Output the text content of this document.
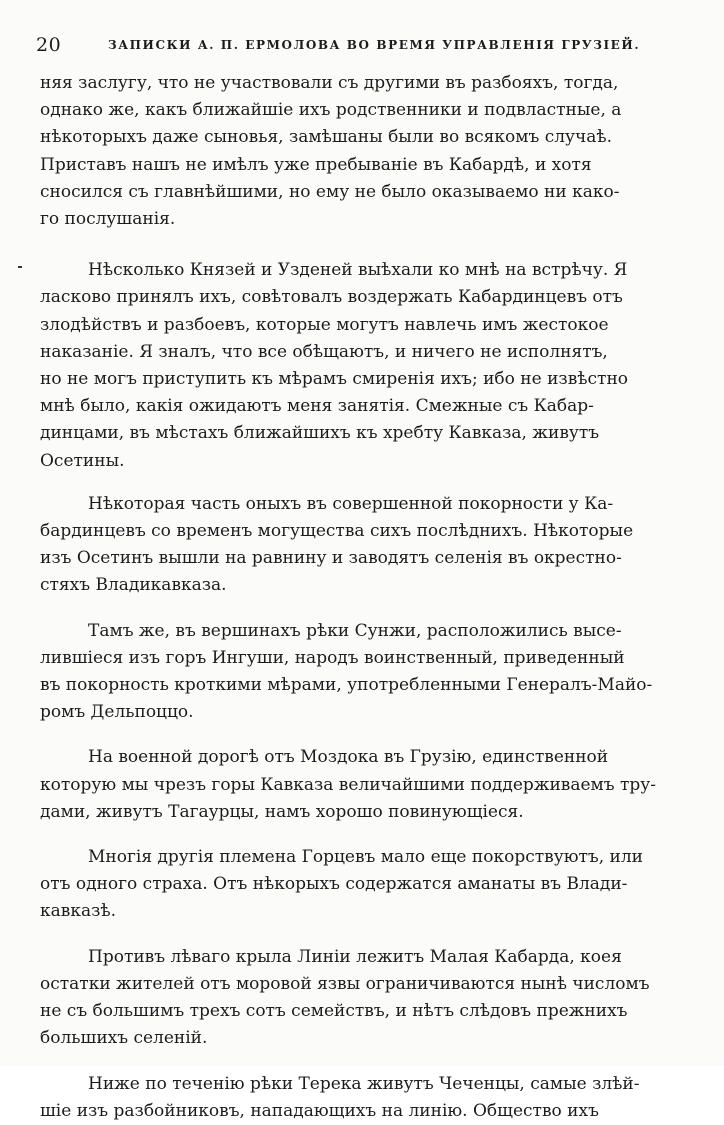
20	ЗАПИСКИ А. П. ЕРМОЛОВА ВО ВРЕМЯ УПРАВЛЕНІЯ ГРУЗІЕЙ.

няя заслугу, что не участвовали съ другими въ разбояхъ, тогда,
однако же, какъ ближайшіе ихъ родственники и подвластные, а
нѣкоторыхъ даже сыновья, замѣшаны были во всякомъ случаѣ.
Приставъ нашъ не имѣлъ уже пребываніе въ Кабардѣ, и хотя
сносился съ главнѣйшими, но ему не было оказываемо ни како-
го послушанія.

Нѣсколько Князей и Узденей выѣхали ко мнѣ на встрѣчу. Я
ласково принялъ ихъ, совѣтовалъ воздержать Кабардинцевъ отъ
злодѣйствъ и разбоевъ, которые могутъ навлечь имъ жестокое
наказаніе. Я зналъ, что все обѣщаютъ, и ничего не исполнятъ,
но не могъ приступить къ мѣрамъ смиренія ихъ; ибо не извѣстно
мнѣ было, какія ожидаютъ меня занятія. Смежные съ Кабар-
динцами, въ мѣстахъ ближайшихъ къ хребту Кавказа, живутъ
Осетины.

Нѣкоторая часть оныхъ въ совершенной покорности у Ка-
бардинцевъ со временъ могущества сихъ послѣднихъ. Нѣкоторые
изъ Осетинъ вышли на равнину и заводятъ селенія въ окрестно-
стяхъ Владикавказа.

Тамъ же, въ вершинахъ рѣки Сунжи, расположились высе-
лившіеся изъ горъ Ингуши, народъ воинственный, приведенный
въ покорность кроткими мѣрами, употребленными Генералъ-Майо-
ромъ Дельпоццо.

На военной дорогѣ отъ Моздока въ Грузію, единственной
которую мы чрезъ горы Кавказа величайшими поддерживаемъ тру-
дами, живутъ Тагаурцы, намъ хорошо повинующіеся.

Многія другія племена Горцевъ мало еще покорствуютъ, или
отъ одного страха. Отъ нѣкорыхъ содержатся аманаты въ Влади-
кавказѣ.

Противъ лѣваго крыла Линіи лежитъ Малая Кабарда, коея
остатки жителей отъ моровой язвы ограничиваются нынѣ числомъ
не съ большимъ трехъ сотъ семействъ, и нѣтъ слѣдовъ прежнихъ
большихъ селеній.

Ниже по теченію рѣки Терека живутъ Чеченцы, самые злѣй-
шіе изъ разбойниковъ, нападающихъ на линію. Общество ихъ
